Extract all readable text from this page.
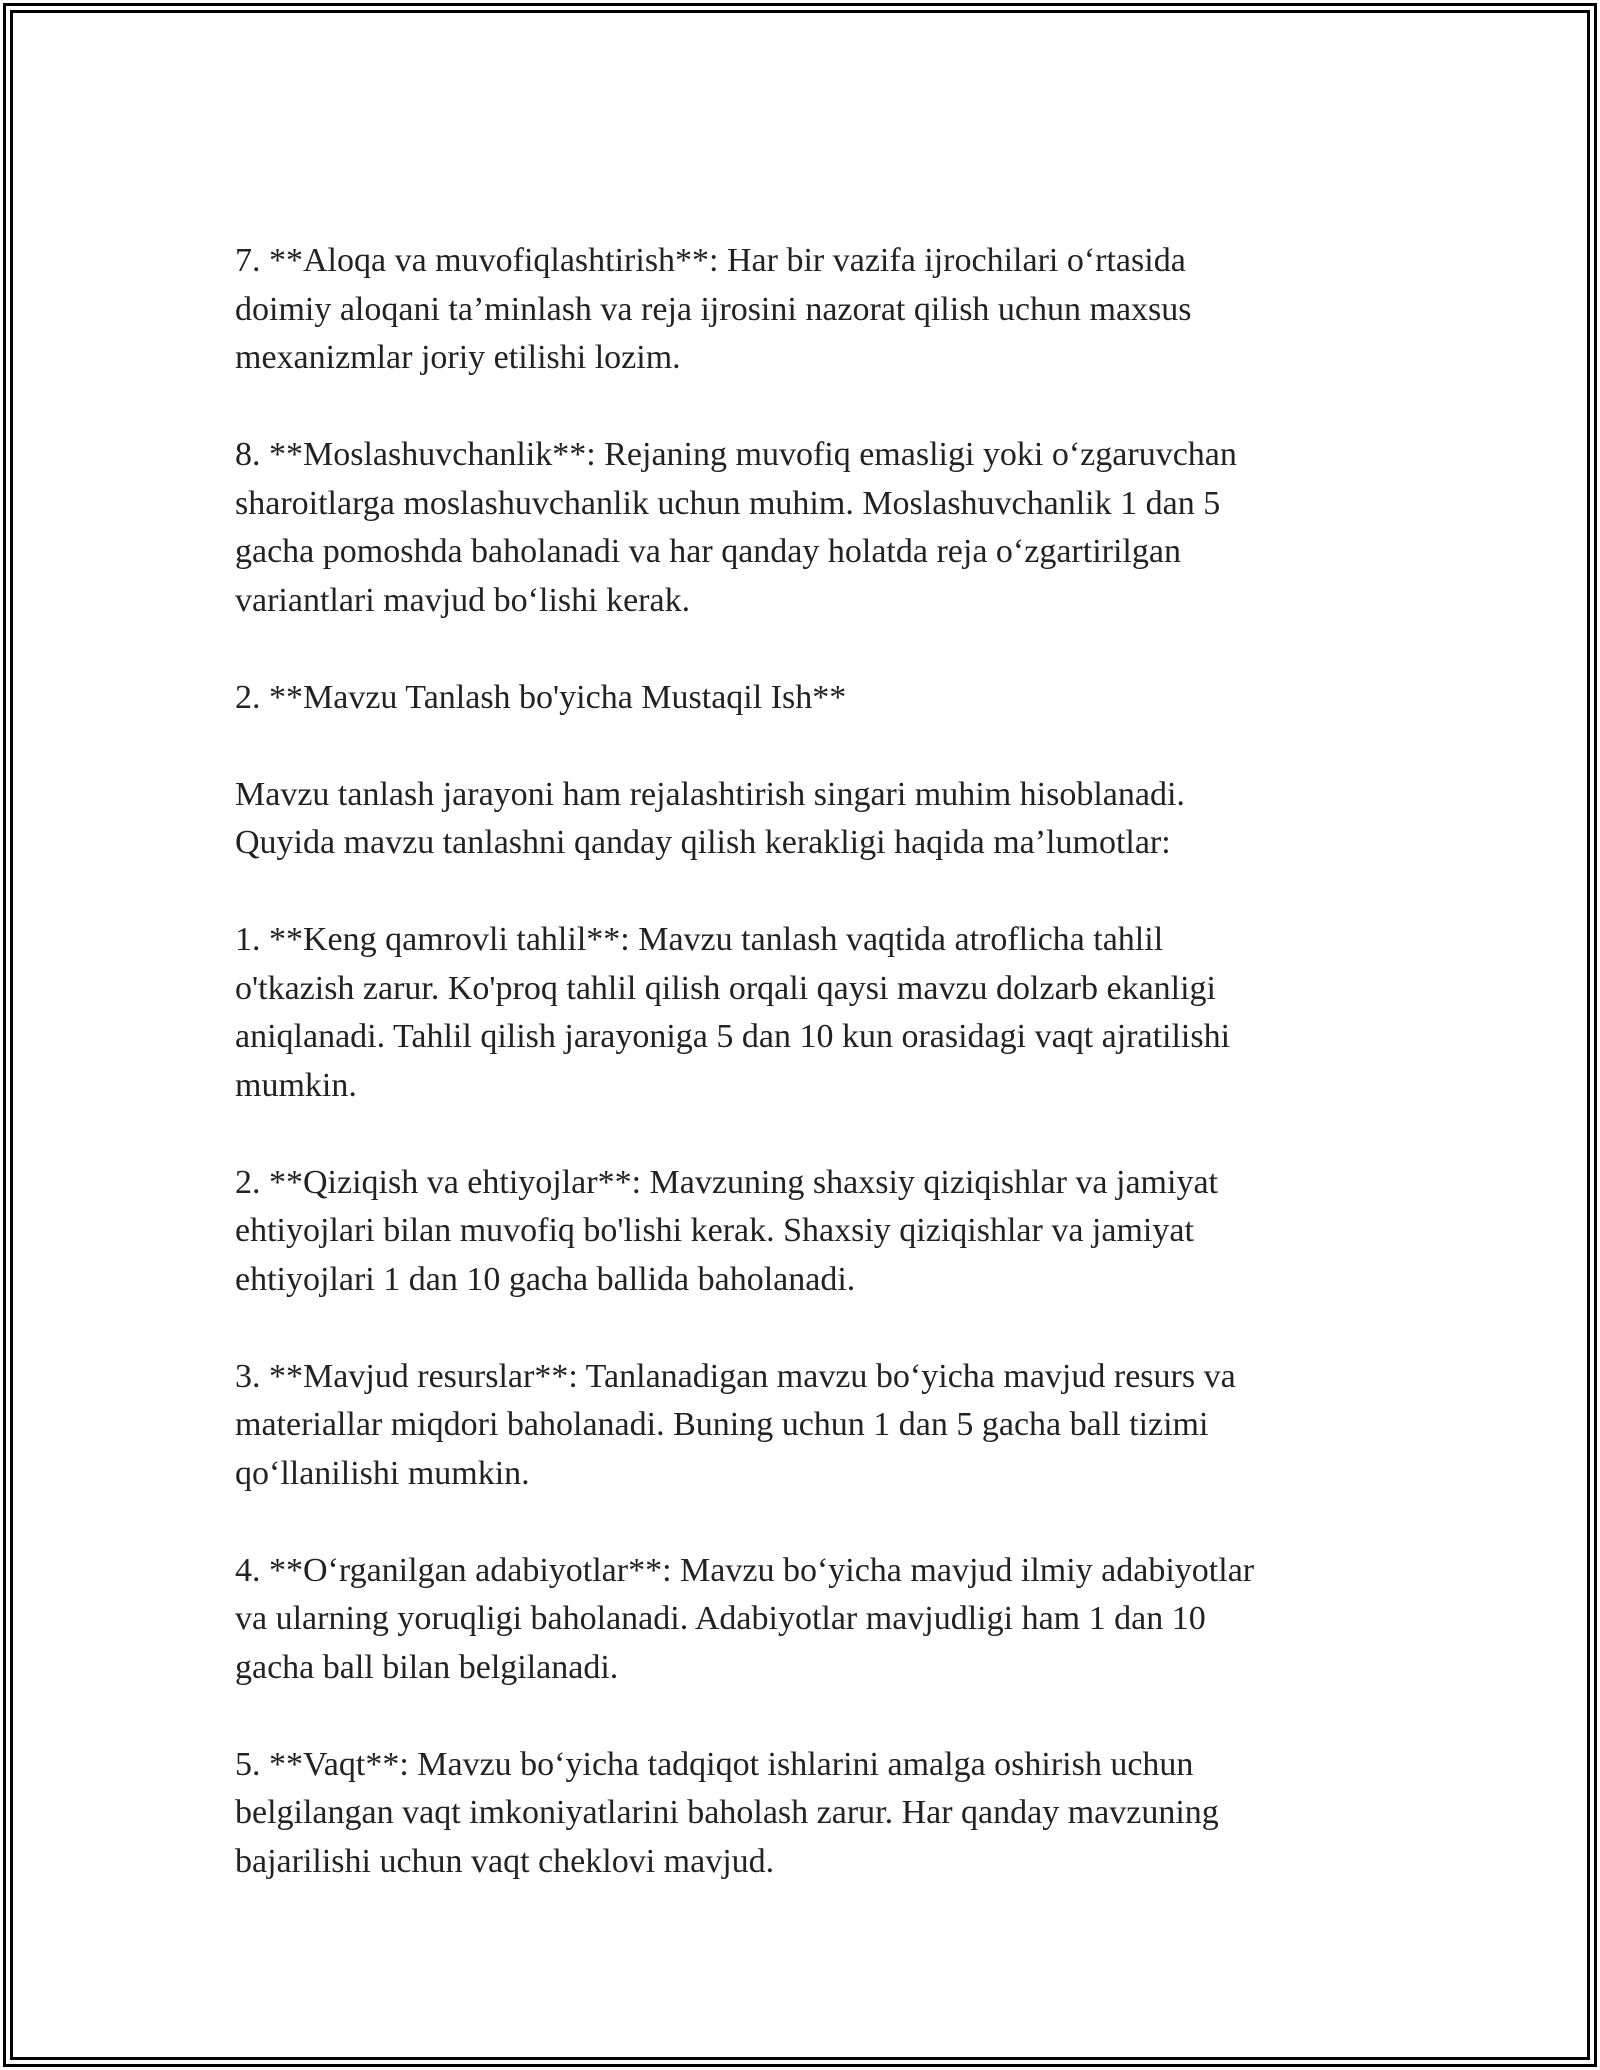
7. **Aloqa va muvofiqlashtirish**: Har bir vazifa ijrochilari o‘rtasida
doimiy aloqani ta’minlash va reja ijrosini nazorat qilish uchun maxsus
mexanizmlar joriy etilishi lozim.

8. **Moslashuvchanlik**: Rejaning muvofiq emasligi yoki o‘zgaruvchan
sharoitlarga moslashuvchanlik uchun muhim. Moslashuvchanlik 1 dan 5
gacha pomoshda baholanadi va har qanday holatda reja o‘zgartirilgan
variantlari mavjud bo‘lishi kerak.

2. **Mavzu Tanlash bo'yicha Mustaqil Ish**

Mavzu tanlash jarayoni ham rejalashtirish singari muhim hisoblanadi.
Quyida mavzu tanlashni qanday qilish kerakligi haqida ma’lumotlar:

1. **Keng qamrovli tahlil**: Mavzu tanlash vaqtida atroflicha tahlil
o'tkazish zarur. Ko'proq tahlil qilish orqali qaysi mavzu dolzarb ekanligi
aniqlanadi. Tahlil qilish jarayoniga 5 dan 10 kun orasidagi vaqt ajratilishi
mumkin.

2. **Qiziqish va ehtiyojlar**: Mavzuning shaxsiy qiziqishlar va jamiyat
ehtiyojlari bilan muvofiq bo'lishi kerak. Shaxsiy qiziqishlar va jamiyat
ehtiyojlari 1 dan 10 gacha ballida baholanadi.

3. **Mavjud resurslar**: Tanlanadigan mavzu bo‘yicha mavjud resurs va
materiallar miqdori baholanadi. Buning uchun 1 dan 5 gacha ball tizimi
qo‘llanilishi mumkin.

4. **O‘rganilgan adabiyotlar**: Mavzu bo‘yicha mavjud ilmiy adabiyotlar
va ularning yoruqligi baholanadi. Adabiyotlar mavjudligi ham 1 dan 10
gacha ball bilan belgilanadi.

5. **Vaqt**: Mavzu bo‘yicha tadqiqot ishlarini amalga oshirish uchun
belgilangan vaqt imkoniyatlarini baholash zarur. Har qanday mavzuning
bajarilishi uchun vaqt cheklovi mavjud.
